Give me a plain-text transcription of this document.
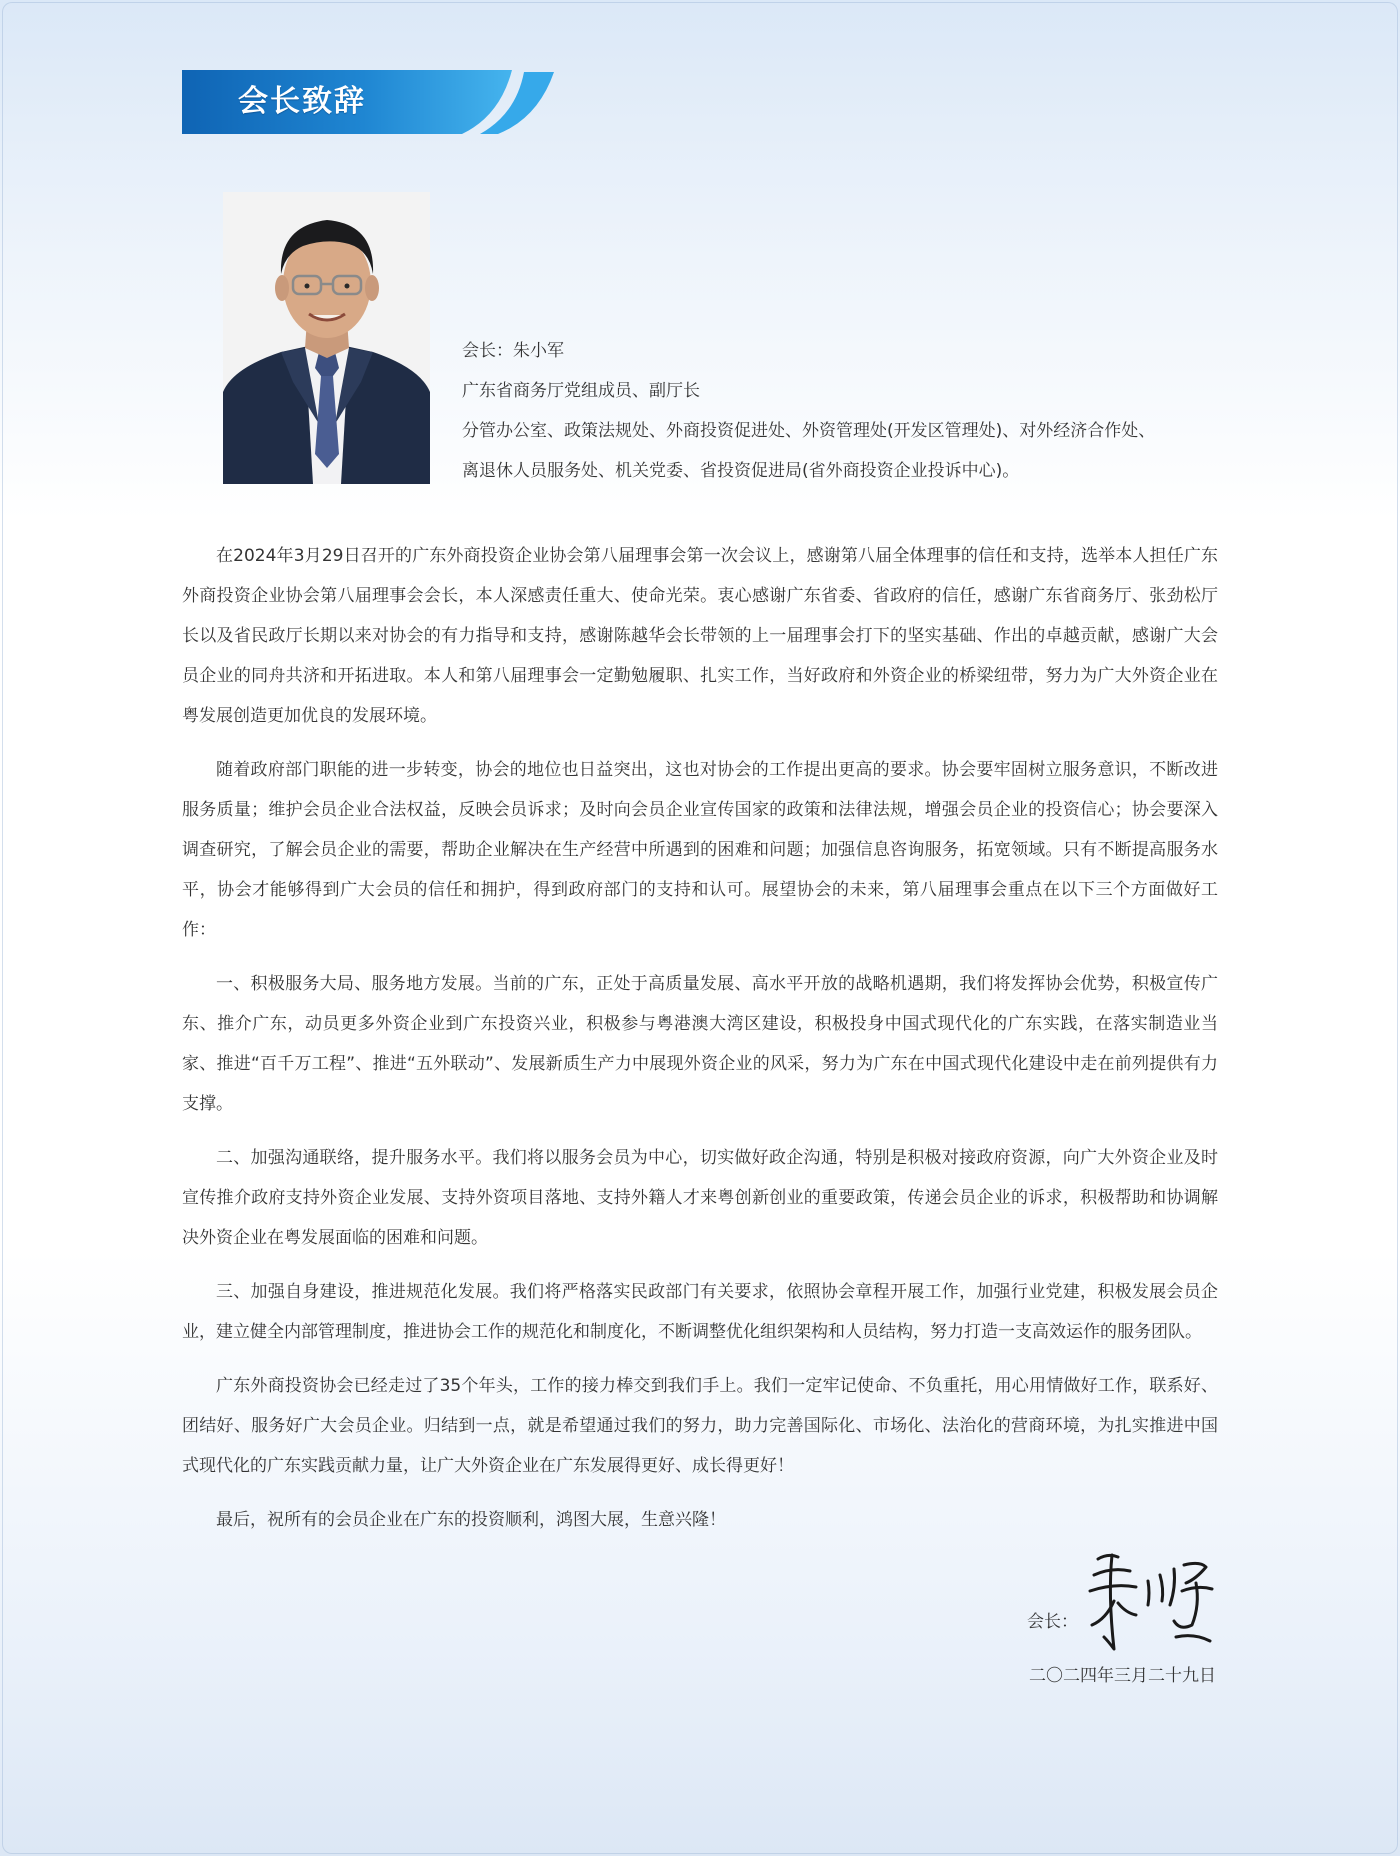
会长致辞
会长：朱小军
广东省商务厅党组成员、副厅长
分管办公室、政策法规处、外商投资促进处、外资管理处(开发区管理处)、对外经济合作处、
离退休人员服务处、机关党委、省投资促进局(省外商投资企业投诉中心)。

在2024年3月29日召开的广东外商投资企业协会第八届理事会第一次会议上，感谢第八届全体理事的信任和支持，选举本人担任广东外商投资企业协会第八届理事会会长，本人深感责任重大、使命光荣。衷心感谢广东省委、省政府的信任，感谢广东省商务厅、张劲松厅长以及省民政厅长期以来对协会的有力指导和支持，感谢陈越华会长带领的上一届理事会打下的坚实基础、作出的卓越贡献，感谢广大会员企业的同舟共济和开拓进取。本人和第八届理事会一定勤勉履职、扎实工作，当好政府和外资企业的桥梁纽带，努力为广大外资企业在粤发展创造更加优良的发展环境。

随着政府部门职能的进一步转变，协会的地位也日益突出，这也对协会的工作提出更高的要求。协会要牢固树立服务意识，不断改进服务质量；维护会员企业合法权益，反映会员诉求；及时向会员企业宣传国家的政策和法律法规，增强会员企业的投资信心；协会要深入调查研究，了解会员企业的需要，帮助企业解决在生产经营中所遇到的困难和问题；加强信息咨询服务，拓宽领域。只有不断提高服务水平，协会才能够得到广大会员的信任和拥护，得到政府部门的支持和认可。展望协会的未来，第八届理事会重点在以下三个方面做好工作：

一、积极服务大局、服务地方发展。当前的广东，正处于高质量发展、高水平开放的战略机遇期，我们将发挥协会优势，积极宣传广东、推介广东，动员更多外资企业到广东投资兴业，积极参与粤港澳大湾区建设，积极投身中国式现代化的广东实践，在落实制造业当家、推进“百千万工程”、推进“五外联动”、发展新质生产力中展现外资企业的风采，努力为广东在中国式现代化建设中走在前列提供有力支撑。

二、加强沟通联络，提升服务水平。我们将以服务会员为中心，切实做好政企沟通，特别是积极对接政府资源，向广大外资企业及时宣传推介政府支持外资企业发展、支持外资项目落地、支持外籍人才来粤创新创业的重要政策，传递会员企业的诉求，积极帮助和协调解决外资企业在粤发展面临的困难和问题。

三、加强自身建设，推进规范化发展。我们将严格落实民政部门有关要求，依照协会章程开展工作，加强行业党建，积极发展会员企业，建立健全内部管理制度，推进协会工作的规范化和制度化，不断调整优化组织架构和人员结构，努力打造一支高效运作的服务团队。

广东外商投资协会已经走过了35个年头，工作的接力棒交到我们手上。我们一定牢记使命、不负重托，用心用情做好工作，联系好、团结好、服务好广大会员企业。归结到一点，就是希望通过我们的努力，助力完善国际化、市场化、法治化的营商环境，为扎实推进中国式现代化的广东实践贡献力量，让广大外资企业在广东发展得更好、成长得更好！

最后，祝所有的会员企业在广东的投资顺利，鸿图大展，生意兴隆！

会长：
二〇二四年三月二十九日
